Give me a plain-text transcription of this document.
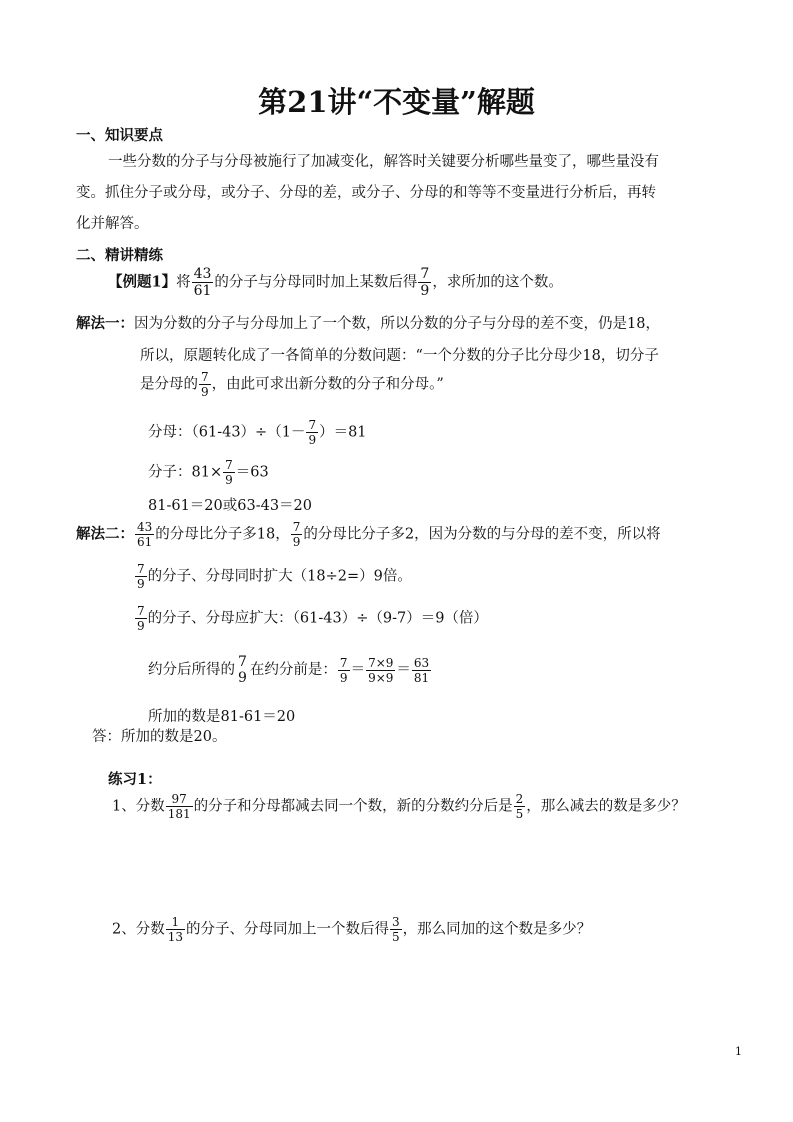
第21讲“不变量”解题
一、知识要点
一些分数的分子与分母被施行了加减变化，解答时关键要分析哪些量变了，哪些量没有
变。抓住分子或分母，或分子、分母的差，或分子、分母的和等等不变量进行分析后，再转
化并解答。
二、精讲精练
【例题1】将 $\frac{43}{61}$ 的分子与分母同时加上某数后得 $\frac{7}{9}$ ，求所加的这个数。
解法一：因为分数的分子与分母加上了一个数，所以分数的分子与分母的差不变，仍是18，
所以，原题转化成了一各简单的分数问题：“一个分数的分子比分母少18，切分子
是分母的 $\frac{7}{9}$ ，由此可求出新分数的分子和分母。”
分母：$(61-43)\div(1- \frac{7}{9} )=81$
分子：$81\times \frac{7}{9} =63$
81-61＝20或63-43＝20
解法二： $\frac{43}{61}$ 的分母比分子多18， $\frac{7}{9}$ 的分母比分子多2，因为分数的与分母的差不变，所以将
$\frac{7}{9}$ 的分子、分母同时扩大（18÷2=）9倍。
$\frac{7}{9}$ 的分子、分母应扩大：（61-43）÷（9-7）＝9（倍）
约分后所得的 7
9 在约分前是： $\frac{7}{9} = \frac{7\times 9}{9\times 9} = \frac{63}{81}$
所加的数是81-61＝20
答：所加的数是20。
练习1：
1、分数 $\frac{97}{181}$ 的分子和分母都减去同一个数，新的分数约分后是 $\frac{2}{5}$ ，那么减去的数是多少？
2、分数 $\frac{1}{13}$ 的分子、分母同加上一个数后得 $\frac{3}{5}$ ，那么同加的这个数是多少？
1
